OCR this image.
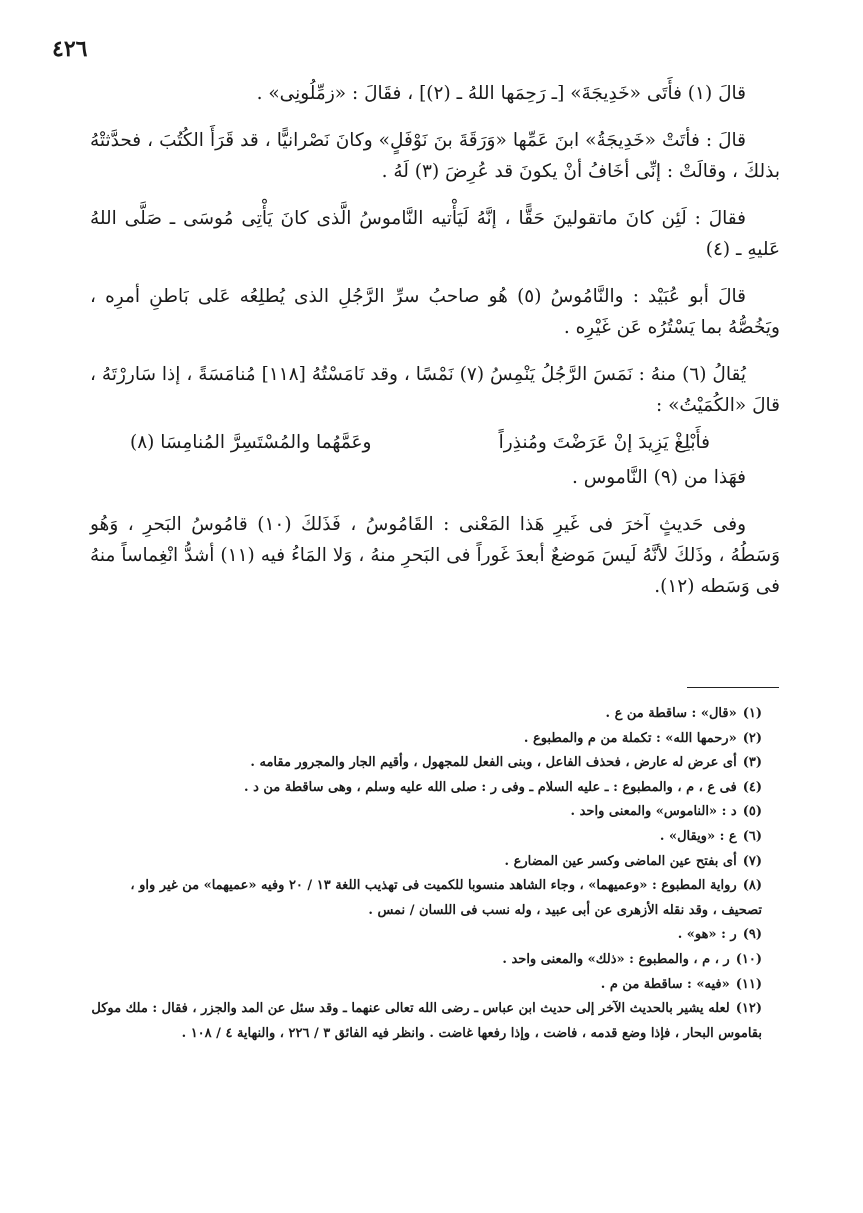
٤٢٦

قالَ (١) فأَتَى «خَدِيجَةَ» [ـ رَحِمَها اللهُ ـ (٢)] ، فقَالَ : «زمِّلُونِى» .

قالَ : فأتَتْ «خَدِيجَةُ» ابنَ عَمِّها «وَرَقَةَ بنَ نَوْفَلٍ» وكانَ نَصْرانيًّا ، قد قَرَأَ الكُتُبَ ، فحدَّثتْهُ بذلكَ ، وقالَتْ : إنِّى أخَافُ أنْ يكونَ قد عُرِضَ (٣) لَهُ .

فقالَ : لَئِن كانَ ماتقولينَ حَقًّا ، إنَّهُ لَيَأْتيه النَّاموسُ الَّذى كانَ يَأْتِى مُوسَى ـ صَلَّى اللهُ عَليهِ ـ (٤)

قالَ أبو عُبَيْد : والنَّامُوسُ (٥) هُو صاحبُ سرِّ الرَّجُلِ الذى يُطلِعُه عَلى بَاطنِ أمرِه ، ويَخُصُّهُ بما يَسْتُرُه عَن غَيْرِه .

يُقالُ (٦) منهُ : نَمَسَ الرَّجُلُ يَنْمِسُ (٧) نَمْسًا ، وقد نَامَسْتُهُ [١١٨] مُنامَسَةً ، إذا سَاررْتَهُ ، قالَ «الكُمَيْتُ» :

فأَبْلِغْ يَزِيدَ إنْ عَرَضْتَ ومُنذِراً
وعَمَّهُما والمُسْتَسِرَّ المُنامِسَا (٨)

فهَذا من (٩) النَّاموس .

وفى حَديثٍ آخرَ فى غَيرِ هَذا المَعْنى : القَامُوسُ ، فَذَلكَ (١٠) قامُوسُ البَحرِ ، وَهُو وَسَطُهُ ، وذَلكَ لأنَّهُ لَيسَ مَوضعٌ أبعدَ غَوراً فى البَحرِ منهُ ، وَلا المَاءُ فيه (١١) أشدُّ انْغِماساً منهُ فى وَسَطه (١٢).

(١)«قال» : ساقطة من ع .

(٢)«رحمها الله» : تكملة من م والمطبوع .

(٣)أى عرض له عارض ، فحذف الفاعل ، وبنى الفعل للمجهول ، وأقيم الجار والمجرور مقامه .

(٤)فى ع ، م ، والمطبوع : ـ عليه السلام ـ وفى ر : صلى الله عليه وسلم ، وهى ساقطة من د .

(٥)د : «الناموس» والمعنى واحد .

(٦)ع : «ويقال» .

(٧)أى بفتح عين الماضى وكسر عين المضارع .

(٨)رواية المطبوع : «وعميهما» ، وجاء الشاهد منسوبا للكميت فى تهذيب اللغة ١٣ / ٢٠ وفيه «عميهما» من غير واو ، تصحيف ، وقد نقله الأزهرى عن أبى عبيد ، وله نسب فى اللسان / نمس .

(٩)ر : «هو» .

(١٠)ر ، م ، والمطبوع : «ذلك» والمعنى واحد .

(١١)«فيه» : ساقطة من م .

(١٢)لعله يشير بالحديث الآخر إلى حديث ابن عباس ـ رضى الله تعالى عنهما ـ وقد سئل عن المد والجزر ، فقال : ملك موكل بقاموس البحار ، فإذا وضع قدمه ، فاضت ، وإذا رفعها غاضت . وانظر فيه الفائق ٣ / ٢٢٦ ، والنهاية ٤ / ١٠٨ .
